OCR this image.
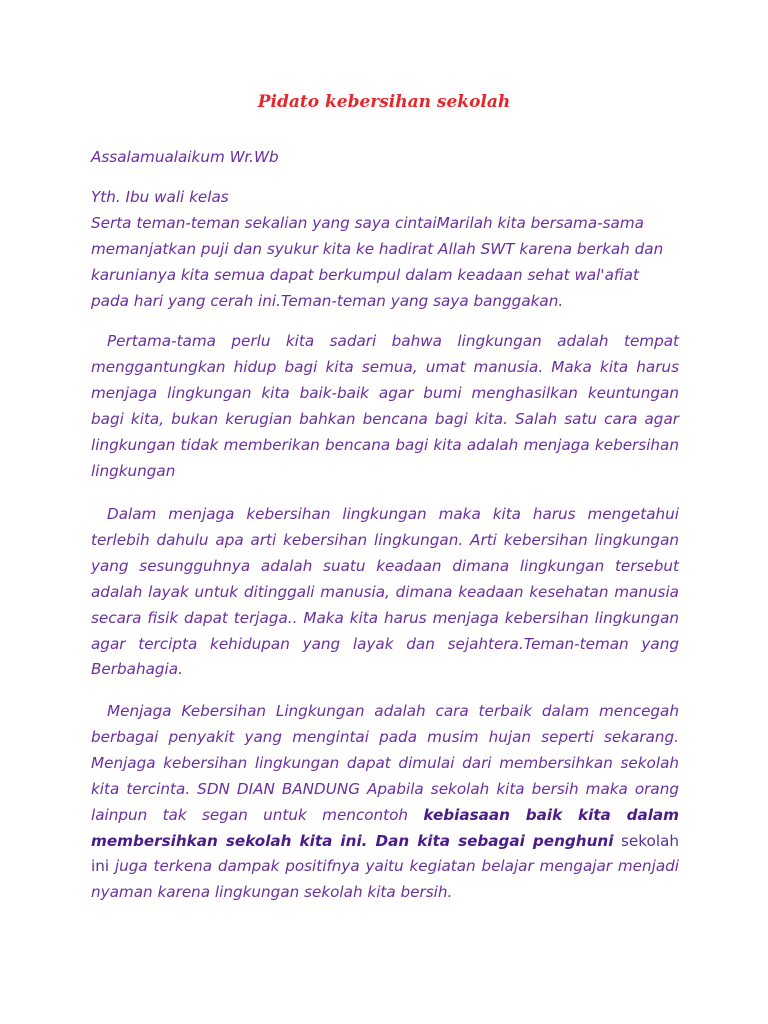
Pidato kebersihan sekolah

Assalamualaikum Wr.Wb

Yth. Ibu wali kelas
Serta teman-teman sekalian yang saya cintaiMarilah kita bersama-sama
memanjatkan puji dan syukur kita ke hadirat Allah SWT karena berkah dan
karunianya kita semua dapat berkumpul dalam keadaan sehat wal'afiat
pada hari yang cerah ini.Teman-teman yang saya banggakan.

Pertama-tama perlu kita sadari bahwa lingkungan adalah tempat menggantungkan hidup bagi kita semua, umat manusia. Maka kita harus menjaga lingkungan kita baik-baik agar bumi menghasilkan keuntungan bagi kita, bukan kerugian bahkan bencana bagi kita. Salah satu cara agar lingkungan tidak memberikan bencana bagi kita adalah menjaga kebersihan lingkungan

Dalam menjaga kebersihan lingkungan maka kita harus mengetahui terlebih dahulu apa arti kebersihan lingkungan. Arti kebersihan lingkungan yang sesungguhnya adalah suatu keadaan dimana lingkungan tersebut adalah layak untuk ditinggali manusia, dimana keadaan kesehatan manusia secara fisik dapat terjaga.. Maka kita harus menjaga kebersihan lingkungan agar tercipta kehidupan yang layak dan sejahtera.Teman-teman yang Berbahagia.

Menjaga Kebersihan Lingkungan adalah cara terbaik dalam mencegah berbagai penyakit yang mengintai pada musim hujan seperti sekarang. Menjaga kebersihan lingkungan dapat dimulai dari membersihkan sekolah kita tercinta. SDN DIAN BANDUNG Apabila sekolah kita bersih maka orang lainpun tak segan untuk mencontoh kebiasaan baik kita dalam membersihkan sekolah kita ini. Dan kita sebagai penghuni sekolah ini juga terkena dampak positifnya yaitu kegiatan belajar mengajar menjadi nyaman karena lingkungan sekolah kita bersih.
